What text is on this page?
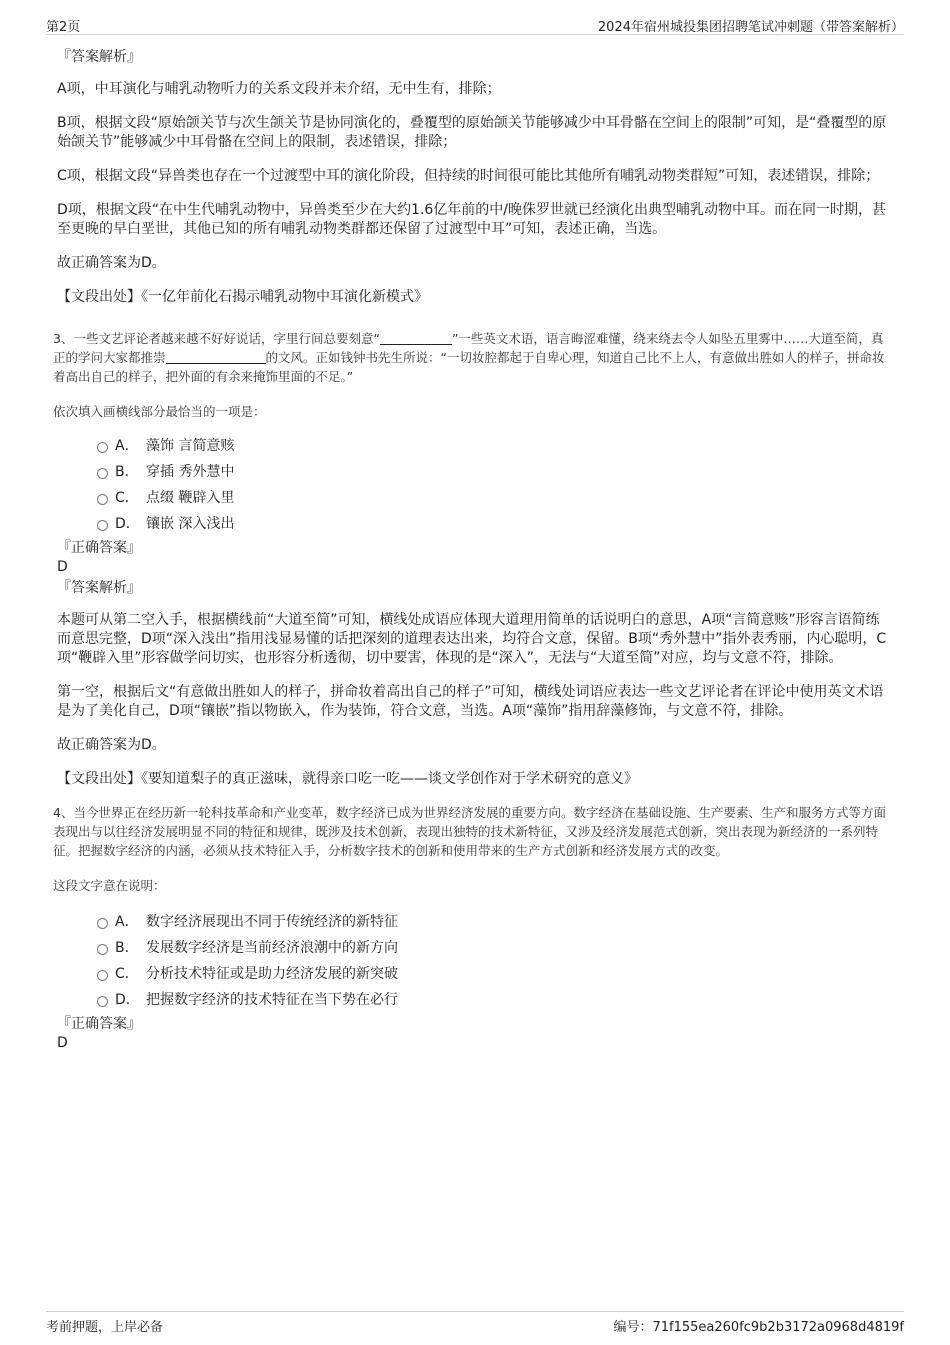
第2页	2024年宿州城投集团招聘笔试冲刺题（带答案解析）
『答案解析』

A项，中耳演化与哺乳动物听力的关系文段并未介绍，无中生有，排除；

B项，根据文段“原始颌关节与次生颌关节是协同演化的，叠覆型的原始颌关节能够减少中耳骨骼在空间上的限制”可知，是“叠覆型的原始颌关节”能够减少中耳骨骼在空间上的限制，表述错误，排除；

C项，根据文段“异兽类也存在一个过渡型中耳的演化阶段，但持续的时间很可能比其他所有哺乳动物类群短”可知，表述错误，排除；

D项，根据文段“在中生代哺乳动物中，异兽类至少在大约1.6亿年前的中/晚侏罗世就已经演化出典型哺乳动物中耳。而在同一时期，甚至更晚的早白垩世，其他已知的所有哺乳动物类群都还保留了过渡型中耳”可知，表述正确，当选。

故正确答案为D。

【文段出处】《一亿年前化石揭示哺乳动物中耳演化新模式》

3、一些文艺评论者越来越不好好说话，字里行间总要刻意“	”一些英文术语，语言晦涩难懂，绕来绕去令人如坠五里雾中……大道至简，真正的学问大家都推崇	的文风。正如钱钟书先生所说：“一切妆腔都起于自卑心理，知道自己比不上人，有意做出胜如人的样子，拼命妆着高出自己的样子，把外面的有余来掩饰里面的不足。”

依次填入画横线部分最恰当的一项是：

A． 藻饰 言简意赅
B． 穿插 秀外慧中
C． 点缀 鞭辟入里
D． 镶嵌 深入浅出
『正确答案』
D
『答案解析』

本题可从第二空入手，根据横线前“大道至简”可知，横线处成语应体现大道理用简单的话说明白的意思，A项“言简意赅”形容言语简练而意思完整，D项“深入浅出”指用浅显易懂的话把深刻的道理表达出来，均符合文意，保留。B项“秀外慧中”指外表秀丽，内心聪明，C项“鞭辟入里”形容做学问切实，也形容分析透彻，切中要害，体现的是“深入”，无法与“大道至简”对应，均与文意不符，排除。

第一空，根据后文“有意做出胜如人的样子，拼命妆着高出自己的样子”可知，横线处词语应表达一些文艺评论者在评论中使用英文术语是为了美化自己，D项“镶嵌”指以物嵌入，作为装饰，符合文意，当选。A项“藻饰”指用辞藻修饰，与文意不符，排除。

故正确答案为D。

【文段出处】《要知道梨子的真正滋味，就得亲口吃一吃——谈文学创作对于学术研究的意义》

4、当今世界正在经历新一轮科技革命和产业变革，数字经济已成为世界经济发展的重要方向。数字经济在基础设施、生产要素、生产和服务方式等方面表现出与以往经济发展明显不同的特征和规律，既涉及技术创新，表现出独特的技术新特征，又涉及经济发展范式创新，突出表现为新经济的一系列特征。把握数字经济的内涵，必须从技术特征入手，分析数字技术的创新和使用带来的生产方式创新和经济发展方式的改变。

这段文字意在说明：

A． 数字经济展现出不同于传统经济的新特征
B． 发展数字经济是当前经济浪潮中的新方向
C． 分析技术特征或是助力经济发展的新突破
D． 把握数字经济的技术特征在当下势在必行
『正确答案』
D
考前押题，上岸必备	编号：71f155ea260fc9b2b3172a0968d4819f
